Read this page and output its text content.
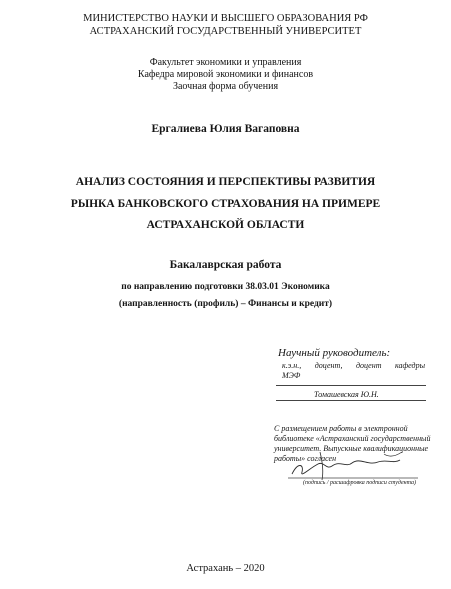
МИНИСТЕРСТВО НАУКИ И ВЫСШЕГО ОБРАЗОВАНИЯ РФ
АСТРАХАНСКИЙ ГОСУДАРСТВЕННЫЙ УНИВЕРСИТЕТ
Факультет экономики и управления
Кафедра мировой экономики и финансов
Заочная форма обучения
Ергалиева Юлия Вагаповна
АНАЛИЗ СОСТОЯНИЯ И ПЕРСПЕКТИВЫ РАЗВИТИЯ
РЫНКА БАНКОВСКОГО СТРАХОВАНИЯ НА ПРИМЕРЕ
АСТРАХАНСКОЙ ОБЛАСТИ
Бакалаврская работа
по направлению подготовки 38.03.01 Экономика
(направленность (профиль) – Финансы и кредит)
Научный руководитель:
к.э.н., доцент, доцент кафедры
МЭФ
Томашевская Ю.Н.
С размещением работы в электронной библиотеке «Астраханский государственный университет. Выпускные квалификационные работы» согласен
(подпись / расшифровка подписи студента)
Астрахань – 2020
